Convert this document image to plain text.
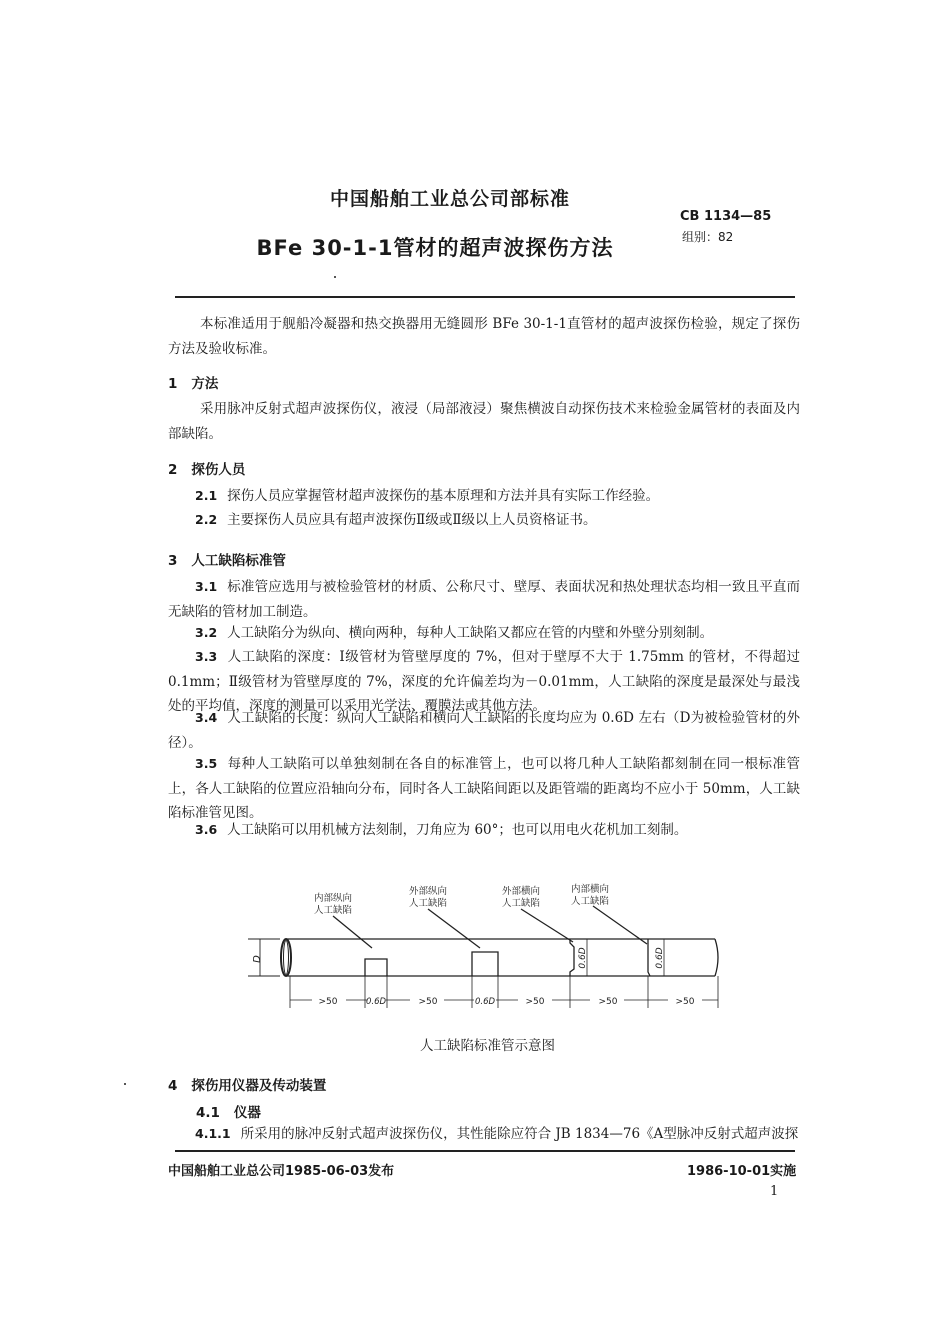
中国船舶工业总公司部标准
BFe 30-1-1管材的超声波探伤方法
CB 1134—85
组别：82
本标准适用于舰船冷凝器和热交换器用无缝圆形 BFe 30-1-1直管材的超声波探伤检验，规定了探伤方法及验收标准。
1 方法
采用脉冲反射式超声波探伤仪，液浸（局部液浸）聚焦横波自动探伤技术来检验金属管材的表面及内部缺陷。
2 探伤人员
2.1 探伤人员应掌握管材超声波探伤的基本原理和方法并具有实际工作经验。
2.2 主要探伤人员应具有超声波探伤Ⅱ级或Ⅱ级以上人员资格证书。
3 人工缺陷标准管
3.1 标准管应选用与被检验管材的材质、公称尺寸、壁厚、表面状况和热处理状态均相一致且平直而无缺陷的管材加工制造。
3.2 人工缺陷分为纵向、横向两种，每种人工缺陷又都应在管的内壁和外壁分别刻制。
3.3 人工缺陷的深度：Ⅰ级管材为管壁厚度的 7%，但对于壁厚不大于 1.75mm 的管材，不得超过 0.1mm；Ⅱ级管材为管壁厚度的 7%，深度的允许偏差均为－0.01mm，人工缺陷的深度是最深处与最浅处的平均值，深度的测量可以采用光学法、覆膜法或其他方法。
3.4 人工缺陷的长度：纵向人工缺陷和横向人工缺陷的长度均应为 0.6D 左右（D为被检验管材的外径）。
3.5 每种人工缺陷可以单独刻制在各自的标准管上，也可以将几种人工缺陷都刻制在同一根标准管上，各人工缺陷的位置应沿轴向分布，同时各人工缺陷间距以及距管端的距离均不应小于 50mm，人工缺陷标准管见图。
3.6 人工缺陷可以用机械方法刻制，刀角应为 60°；也可以用电火花机加工刻制。
内部纵向
人工缺陷
外部纵向
人工缺陷
外部横向
人工缺陷
内部横向
人工缺陷
D	0.6D	0.6D
>50	0.6D	>50	0.6D	>50	>50	>50
人工缺陷标准管示意图
4 探伤用仪器及传动装置
4.1 仪器
4.1.1 所采用的脉冲反射式超声波探伤仪，其性能除应符合 JB 1834—76《A型脉冲反射式超声波探
中国船舶工业总公司1985-06-03发布	1986-10-01实施
1
